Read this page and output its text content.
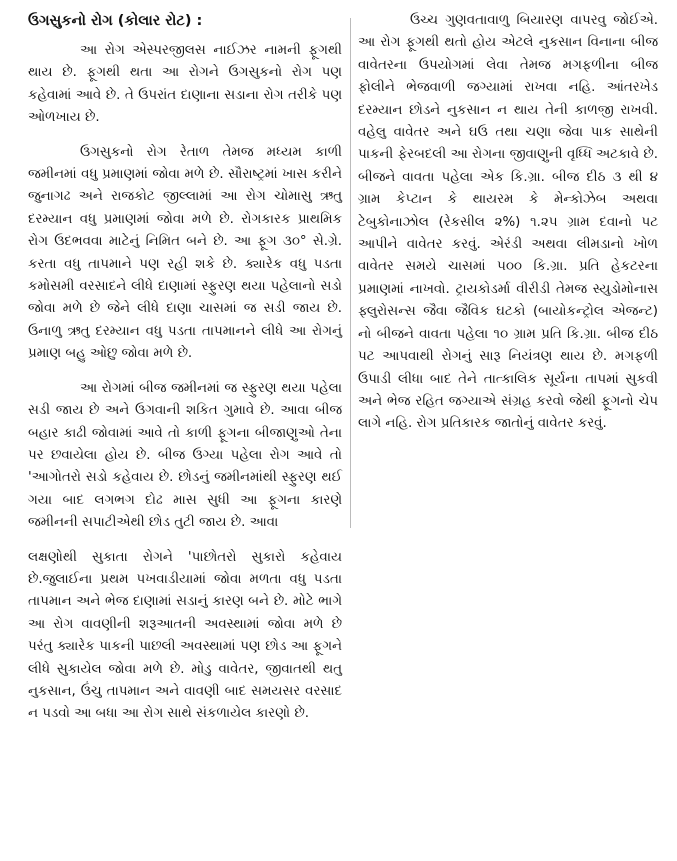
ઉગસુકનો રોગ (કોલાર રોટ) :

આ રોગ એસ્પરજીલસ નાઈઝર નામની ફૂગથી થાય છે. ફૂગથી થતા આ રોગને ઉગસુકનો રોગ પણ કહેવામાં આવે છે. તે ઉપરાંત દાણાના સડાના રોગ તરીકે પણ ઓળખાય છે.

ઉગસુકનો રોગ રેતાળ તેમજ મધ્યમ કાળી જમીનમાં વધુ પ્રમાણમાં જોવા મળે છે. સૌરાષ્ટ્રમાં ખાસ કરીને જુનાગઢ અને રાજકોટ જીલ્લામાં આ રોગ ચોમાસુ ઋતુ દરમ્યાન વધુ પ્રમાણમાં જોવા મળે છે. રોગકારક પ્રાથમિક રોગ ઉદભવવા માટેનું નિમિત બને છે. આ ફૂગ ૩૦° સે.ગ્રે. કરતા વધુ તાપમાને પણ રહી શકે છે. ક્યારેક વધુ પડતા કમોસમી વરસાદને લીધે દાણામાં સ્ફુરણ થયા પહેલાનો સડો જોવા મળે છે જેને લીધે દાણા ચાસમાં જ સડી જાય છે. ઉનાળુ ઋતુ દરમ્યાન વધુ પડતા તાપમાનને લીધે આ રોગનું પ્રમાણ બહુ ઓછુ જોવા મળે છે.

આ રોગમાં બીજ જમીનમાં જ સ્ફુરણ થયા પહેલા સડી જાય છે અને ઉગવાની શકિત ગુમાવે છે. આવા બીજ બહાર કાઢી જોવામાં આવે તો કાળી ફૂગના બીજાણુઓ તેના પર છવાયેલા હોય છે. બીજ ઉગ્યા પહેલા રોગ આવે તો 'આગોતરો સડો કહેવાય છે. છોડનું જમીનમાંથી સ્ફુરણ થઈ ગયા બાદ લગભગ દોઢ માસ સુધી આ ફૂગના કારણે જમીનની સપાટીએથી છોડ તુટી જાય છે. આવા

લક્ષણોથી સુકાતા રોગને 'પાછોતરો સુકારો કહેવાય છે.જુલાઈના પ્રથમ પખવાડીયામાં જોવા મળતા વધુ પડતા તાપમાન અને ભેજ દાણામાં સડાનું કારણ બને છે. મોટે ભાગે આ રોગ વાવણીની શરૂઆતની અવસ્થામાં જોવા મળે છે પરંતુ ક્યારેક પાકની પાછલી અવસ્થામાં પણ છોડ આ ફૂગને લીધે સુકાયેલ જોવા મળે છે. મોડુ વાવેતર, જીવાતથી થતુ નુકસાન, ઉંચુ તાપમાન અને વાવણી બાદ સમયસર વરસાદ ન પડવો આ બધા આ રોગ સાથે સંકળાયેલ કારણો છે.

ઉચ્ચ ગુણવતાવાળુ બિયારણ વાપરવુ જોઈએ. આ રોગ ફૂગથી થતો હોય એટલે નુકસાન વિનાના બીજ વાવેતરના ઉપયોગમાં લેવા તેમજ મગફળીના બીજ ફોલીને ભેજવાળી જગ્યામાં રાખવા નહિ. આંતરખેડ દરમ્યાન છોડને નુકસાન ન થાય તેની કાળજી રાખવી. વહેલુ વાવેતર અને ઘઉ તથા ચણા જેવા પાક સાથેની પાકની ફેરબદલી આ રોગના જીવાણુની વૃધ્ધિ અટકાવે છે. બીજને વાવતા પહેલા એક કિ.ગ્રા. બીજ દીઠ ૩ થી ૪ ગ્રામ કેપ્ટાન કે થાયરમ કે મેન્કોઝેબ અથવા ટેબુકોનાઝોલ (રેકસીલ ૨%) ૧.૨૫ ગ્રામ દવાનો પટ આપીને વાવેતર કરવું. એરંડી અથવા લીમડાનો ખોળ વાવેતર સમયે ચાસમાં ૫૦૦ કિ.ગ્રા. પ્રતિ હેકટરના પ્રમાણમાં નાખવો. ટ્રાયકોડર્મા વીરીડી તેમજ સ્યુડોમોનાસ ફ્લુરોસન્સ જૈવા જૈવિક ઘટકો (બાયોકન્ટ્રોલ એજન્ટ) નો બીજને વાવતા પહેલા ૧૦ ગ્રામ પ્રતિ કિ.ગ્રા. બીજ દીઠ પટ આપવાથી રોગનું સારૂ નિયંત્રણ થાય છે. મગફળી ઉપાડી લીધા બાદ તેને તાત્કાલિક સૂર્યના તાપમાં સુકવી અને ભેજ રહિત જગ્યાએ સંગ્રહ કરવો જેથી ફૂગનો ચેપ લાગે નહિ. રોગ પ્રતિકારક જાતોનું વાવેતર કરવું.
